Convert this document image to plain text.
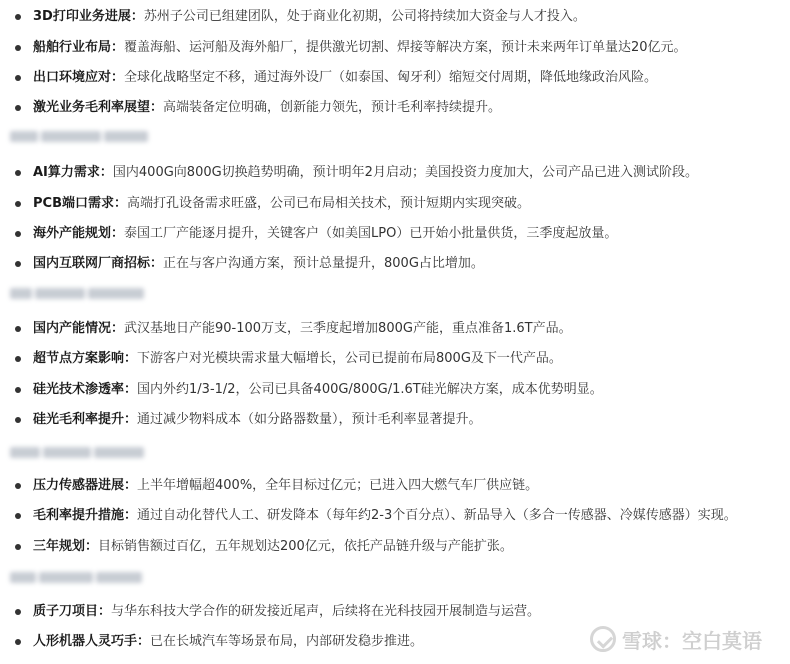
3D打印业务进展：苏州子公司已组建团队，处于商业化初期，公司将持续加大资金与人才投入。
船舶行业布局：覆盖海船、运河船及海外船厂，提供激光切割、焊接等解决方案，预计未来两年订单量达20亿元。
出口环境应对：全球化战略坚定不移，通过海外设厂（如泰国、匈牙利）缩短交付周期，降低地缘政治风险。
激光业务毛利率展望：高端装备定位明确，创新能力领先，预计毛利率持续提升。
AI算力需求：国内400G向800G切换趋势明确，预计明年2月启动；美国投资力度加大，公司产品已进入测试阶段。
PCB端口需求：高端打孔设备需求旺盛，公司已布局相关技术，预计短期内实现突破。
海外产能规划：泰国工厂产能逐月提升，关键客户（如美国LPO）已开始小批量供货，三季度起放量。
国内互联网厂商招标：正在与客户沟通方案，预计总量提升，800G占比增加。
国内产能情况：武汉基地日产能90-100万支，三季度起增加800G产能，重点准备1.6T产品。
超节点方案影响：下游客户对光模块需求量大幅增长，公司已提前布局800G及下一代产品。
硅光技术渗透率：国内外约1/3-1/2，公司已具备400G/800G/1.6T硅光解决方案，成本优势明显。
硅光毛利率提升：通过减少物料成本（如分路器数量），预计毛利率显著提升。
压力传感器进展：上半年增幅超400%，全年目标过亿元；已进入四大燃气车厂供应链。
毛利率提升措施：通过自动化替代人工、研发降本（每年约2-3个百分点）、新品导入（多合一传感器、冷媒传感器）实现。
三年规划：目标销售额过百亿，五年规划达200亿元，依托产品链升级与产能扩张。
质子刀项目：与华东科技大学合作的研发接近尾声，后续将在光科技园开展制造与运营。
人形机器人灵巧手：已在长城汽车等场景布局，内部研发稳步推进。	雪球：空白莫语
